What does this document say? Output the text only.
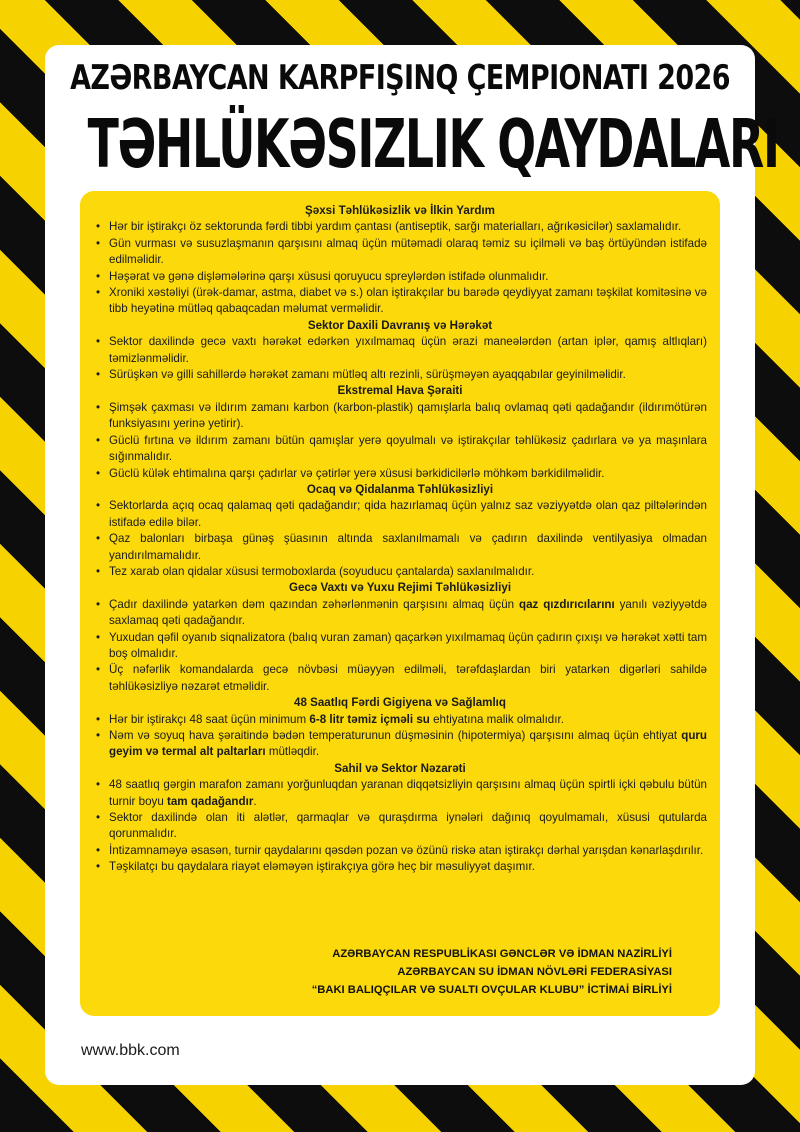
AZƏRBAYCAN KARPFIŞINQ ÇEMPIONATI 2026
TƏHLÜKƏSIZLIK QAYDALARI
Şəxsi Təhlükəsizlik və İlkin Yardım
• Hər bir iştirakçı öz sektorunda fərdi tibbi yardım çantası (antiseptik, sarğı materialları, ağrıkəsicilər) saxlamalıdır.
• Gün vurması və susuzlaşmanın qarşısını almaq üçün mütəmadi olaraq təmiz su içilməli və baş örtüyündən istifadə edilməlidir.
• Həşərat və gənə dişləmələrinə qarşı xüsusi qoruyucu spreylərdən istifadə olunmalıdır.
• Xroniki xəstəliyi (ürək-damar, astma, diabet və s.) olan iştirakçılar bu barədə qeydiyyat zamanı təşkilat komitəsinə və tibb heyətinə mütləq qabaqcadan məlumat verməlidir.
Sektor Daxili Davranış və Hərəkət
• Sektor daxilində gecə vaxtı hərəkət edərkən yıxılmamaq üçün ərazi maneələrdən (artan iplər, qamış altlıqları) təmizlənməlidir.
• Sürüşkən və gilli sahillərdə hərəkət zamanı mütləq altı rezinli, sürüşməyən ayaqqabılar geyinilməlidir.
Ekstremal Hava Şəraiti
• Şimşək çaxması və ildırım zamanı karbon (karbon-plastik) qamışlarla balıq ovlamaq qəti qadağandır (ildırımötürən funksiyasını yerinə yetirir).
• Güclü fırtına və ildırım zamanı bütün qamışlar yerə qoyulmalı və iştirakçılar təhlükəsiz çadırlara və ya maşınlara sığınmalıdır.
• Güclü külək ehtimalına qarşı çadırlar və çətirlər yerə xüsusi bərkidicilərlə möhkəm bərkidilməlidir.
Ocaq və Qidalanma Təhlükəsizliyi
• Sektorlarda açıq ocaq qalamaq qəti qadağandır; qida hazırlamaq üçün yalnız saz vəziyyətdə olan qaz piltələrindən istifadə edilə bilər.
• Qaz balonları birbaşa günəş şüasının altında saxlanılmamalı və çadırın daxilində ventilyasiya olmadan yandırılmamalıdır.
• Tez xarab olan qidalar xüsusi termoboxlarda (soyuducu çantalarda) saxlanılmalıdır.
Gecə Vaxtı və Yuxu Rejimi Təhlükəsizliyi
• Çadır daxilində yatarkən dəm qazından zəhərlənmənin qarşısını almaq üçün qaz qızdırıcılarını yanılı vəziyyətdə saxlamaq qəti qadağandır.
• Yuxudan qəfil oyanıb siqnalizatora (balıq vuran zaman) qaçarkən yıxılmamaq üçün çadırın çıxışı və hərəkət xətti tam boş olmalıdır.
• Üç nəfərlik komandalarda gecə növbəsi müəyyən edilməli, tərəfdaşlardan biri yatarkən digərləri sahildə təhlükəsizliyə nəzarət etməlidir.
48 Saatlıq Fərdi Gigiyena və Sağlamlıq
• Hər bir iştirakçı 48 saat üçün minimum 6-8 litr təmiz içməli su ehtiyatına malik olmalıdır.
• Nəm və soyuq hava şəraitində bədən temperaturunun düşməsinin (hipotermiya) qarşısını almaq üçün ehtiyat quru geyim və termal alt paltarları mütləqdir.
Sahil və Sektor Nəzarəti
• 48 saatlıq gərgin marafon zamanı yorğunluqdan yaranan diqqətsizliyin qarşısını almaq üçün spirtli içki qəbulu bütün turnir boyu tam qadağandır.
• Sektor daxilində olan iti alətlər, qarmaqlar və quraşdırma iynələri dağınıq qoyulmamalı, xüsusi qutularda qorunmalıdır.
• İntizamnaməyə əsasən, turnir qaydalarını qəsdən pozan və özünü riskə atan iştirakçı dərhal yarışdan kənarlaşdırılır.
• Təşkilatçı bu qaydalara riayət eləməyən iştirakçıya görə heç bir məsuliyyət daşımır.
AZƏRBAYCAN RESPUBLİKASI GƏNCLƏR VƏ İDMAN NAZİRLİYİ
AZƏRBAYCAN SU İDMAN NÖVLƏRİ FEDERASİYASI
“BAKI BALIQÇILAR VƏ SUALTI OVÇULAR KLUBU” İCTİMAİ BİRLİYİ
www.bbk.com
